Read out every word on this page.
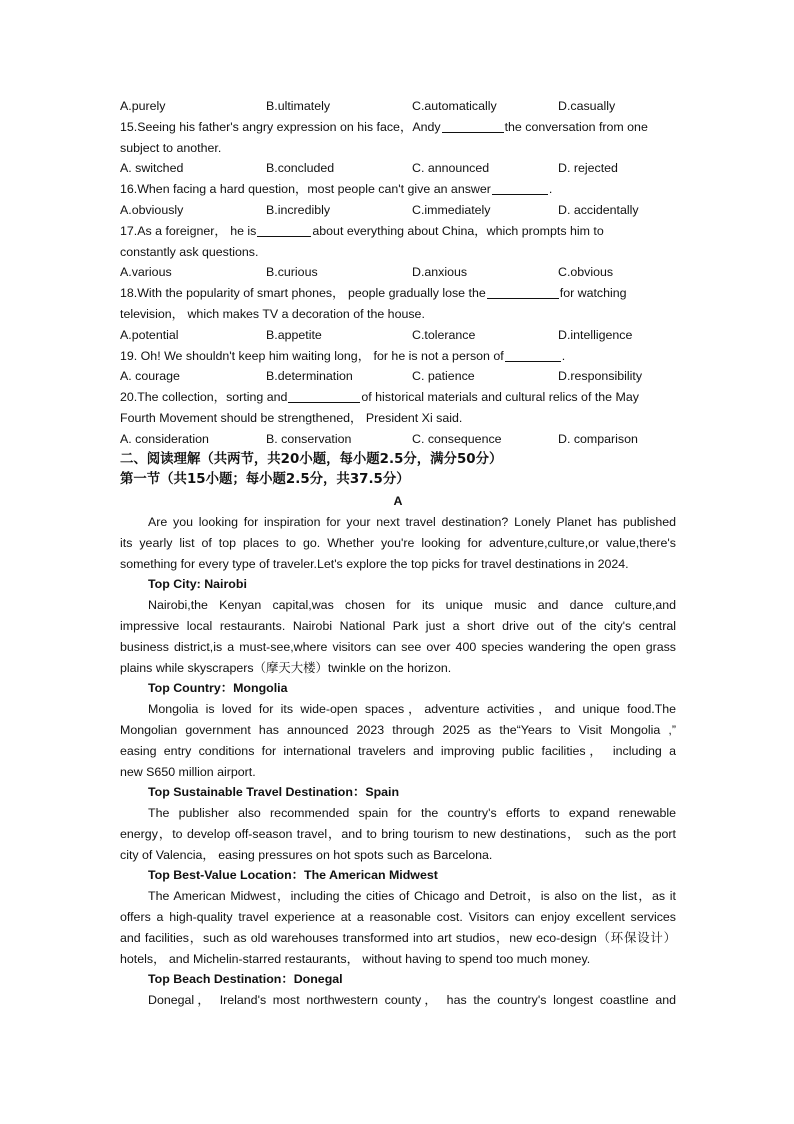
A.purely	B.ultimately	C.automatically	D.casually
15.Seeing his father's angry expression on his face，Andy	the conversation from one
subject to another.
A. switched	B.concluded	C. announced	D. rejected
16.When facing a hard question，most people can't give an answer	.
A.obviously	B.incredibly	C.immediately	D. accidentally
17.As a foreigner， he is	about everything about China，which prompts him to
constantly ask questions.
A.various	B.curious	D.anxious	C.obvious
18.With the popularity of smart phones， people gradually lose the	for watching
television， which makes TV a decoration of the house.
A.potential	B.appetite	C.tolerance	D.intelligence
19. Oh! We shouldn't keep him waiting long， for he is not a person of	.
A. courage	B.determination	C. patience	D.responsibility
20.The collection，sorting and	of historical materials and cultural relics of the May
Fourth Movement should be strengthened， President Xi said.
A. consideration	B. conservation	C. consequence	D. comparison
二、阅读理解（共两节，共20小题，每小题2.5分，满分50分）
第一节（共15小题；每小题2.5分，共37.5分）
A
Are you looking for inspiration for your next travel destination? Lonely Planet has published
its yearly list of top places to go. Whether you're looking for adventure,culture,or value,there's
something for every type of traveler.Let's explore the top picks for travel destinations in 2024.
Top City: Nairobi
Nairobi,the Kenyan capital,was chosen for its unique music and dance culture,and
impressive local restaurants. Nairobi National Park just a short drive out of the city's central
business district,is a must-see,where visitors can see over 400 species wandering the open grass
plains while skyscrapers（摩天大楼）twinkle on the horizon.
Top Country：Mongolia
Mongolia is loved for its wide-open spaces，adventure activities，and unique food.The
Mongolian government has announced 2023 through 2025 as the“Years to Visit Mongolia ,”
easing entry conditions for international travelers and improving public facilities， including a
new S650 million airport.
Top Sustainable Travel Destination：Spain
The publisher also recommended spain for the country's efforts to expand renewable
energy，to develop off-season travel，and to bring tourism to new destinations， such as the port
city of Valencia， easing pressures on hot spots such as Barcelona.
Top Best-Value Location：The American Midwest
The American Midwest，including the cities of Chicago and Detroit，is also on the list，as it
offers a high-quality travel experience at a reasonable cost. Visitors can enjoy excellent services
and facilities，such as old warehouses transformed into art studios，new eco-design（环保设计）
hotels， and Michelin-starred restaurants， without having to spend too much money.
Top Beach Destination：Donegal
Donegal， Ireland's most northwestern county， has the country's longest coastline and
